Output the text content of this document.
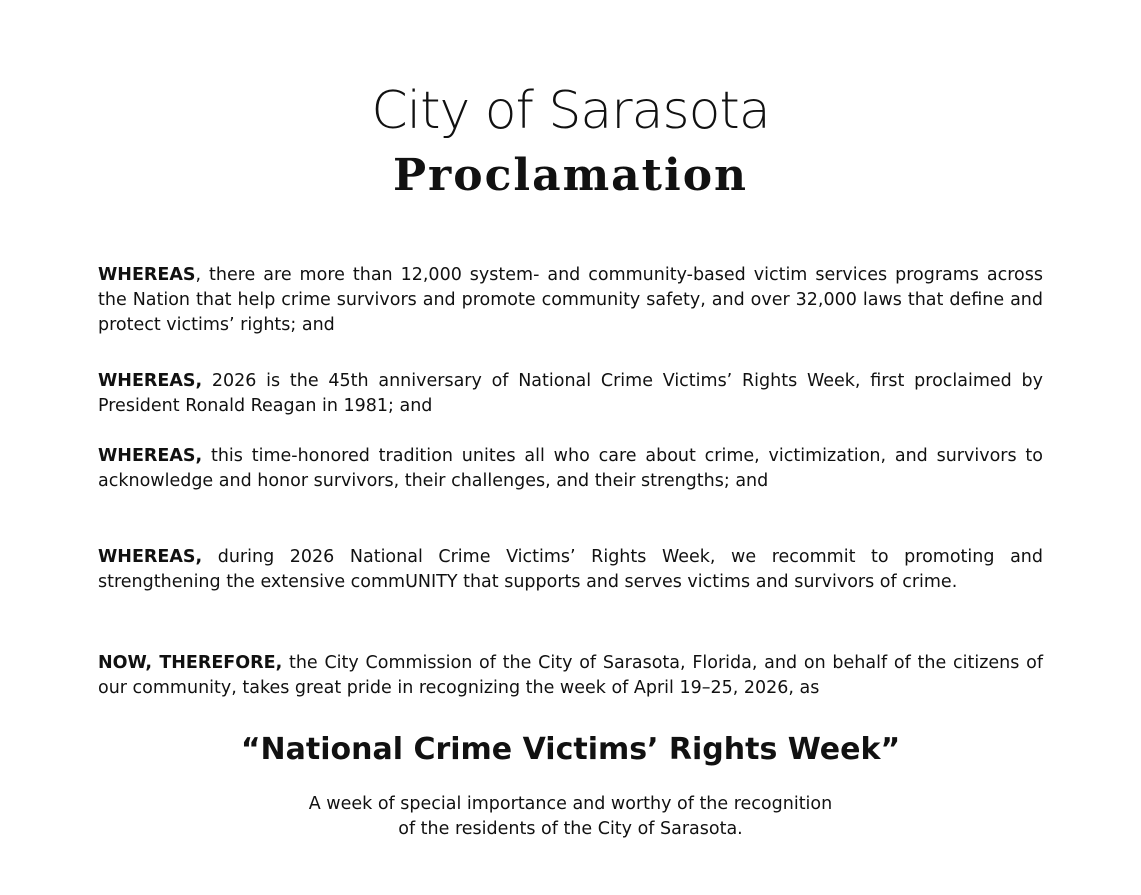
City of Sarasota
Proclamation

WHEREAS, there are more than 12,000 system- and community-based victim services programs across the Nation that help crime survivors and promote community safety, and over 32,000 laws that define and protect victims’ rights; and

WHEREAS, 2026 is the 45th anniversary of National Crime Victims’ Rights Week, first proclaimed by President Ronald Reagan in 1981; and

WHEREAS, this time-honored tradition unites all who care about crime, victimization, and survivors to acknowledge and honor survivors, their challenges, and their strengths; and

WHEREAS, during 2026 National Crime Victims’ Rights Week, we recommit to promoting and strengthening the extensive commUNITY that supports and serves victims and survivors of crime.

NOW, THEREFORE, the City Commission of the City of Sarasota, Florida, and on behalf of the citizens of our community, takes great pride in recognizing the week of April 19–25, 2026, as

“National Crime Victims’ Rights Week”
A week of special importance and worthy of the recognition
of the residents of the City of Sarasota.
